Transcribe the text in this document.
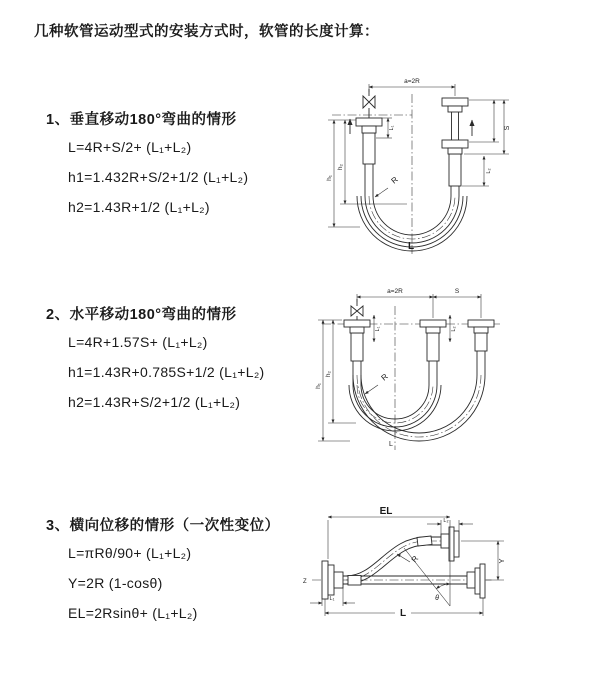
几种软管运动型式的安装方式时，软管的长度计算：
1、垂直移动180°弯曲的情形
L=4R+S/2+ (L₁+L₂)
h1=1.432R+S/2+1/2 (L₁+L₂)
h2=1.43R+1/2 (L₁+L₂)
a=2R
h₁
h₂
L₁	S
L₂
R
L
2、水平移动180°弯曲的情形
L=4R+1.57S+ (L₁+L₂)
h1=1.43R+0.785S+1/2 (L₁+L₂)
h2=1.43R+S/2+1/2 (L₁+L₂)
a=2R	S
h₁
h₂
L₁	L₂
R
L
3、横向位移的情形（一次性变位）
L=πRθ/90+ (L₁+L₂)
Y=2R (1-cosθ)
EL=2Rsinθ+ (L₁+L₂)
Z
EL
L₂
Y
θ
R
L₁
L
